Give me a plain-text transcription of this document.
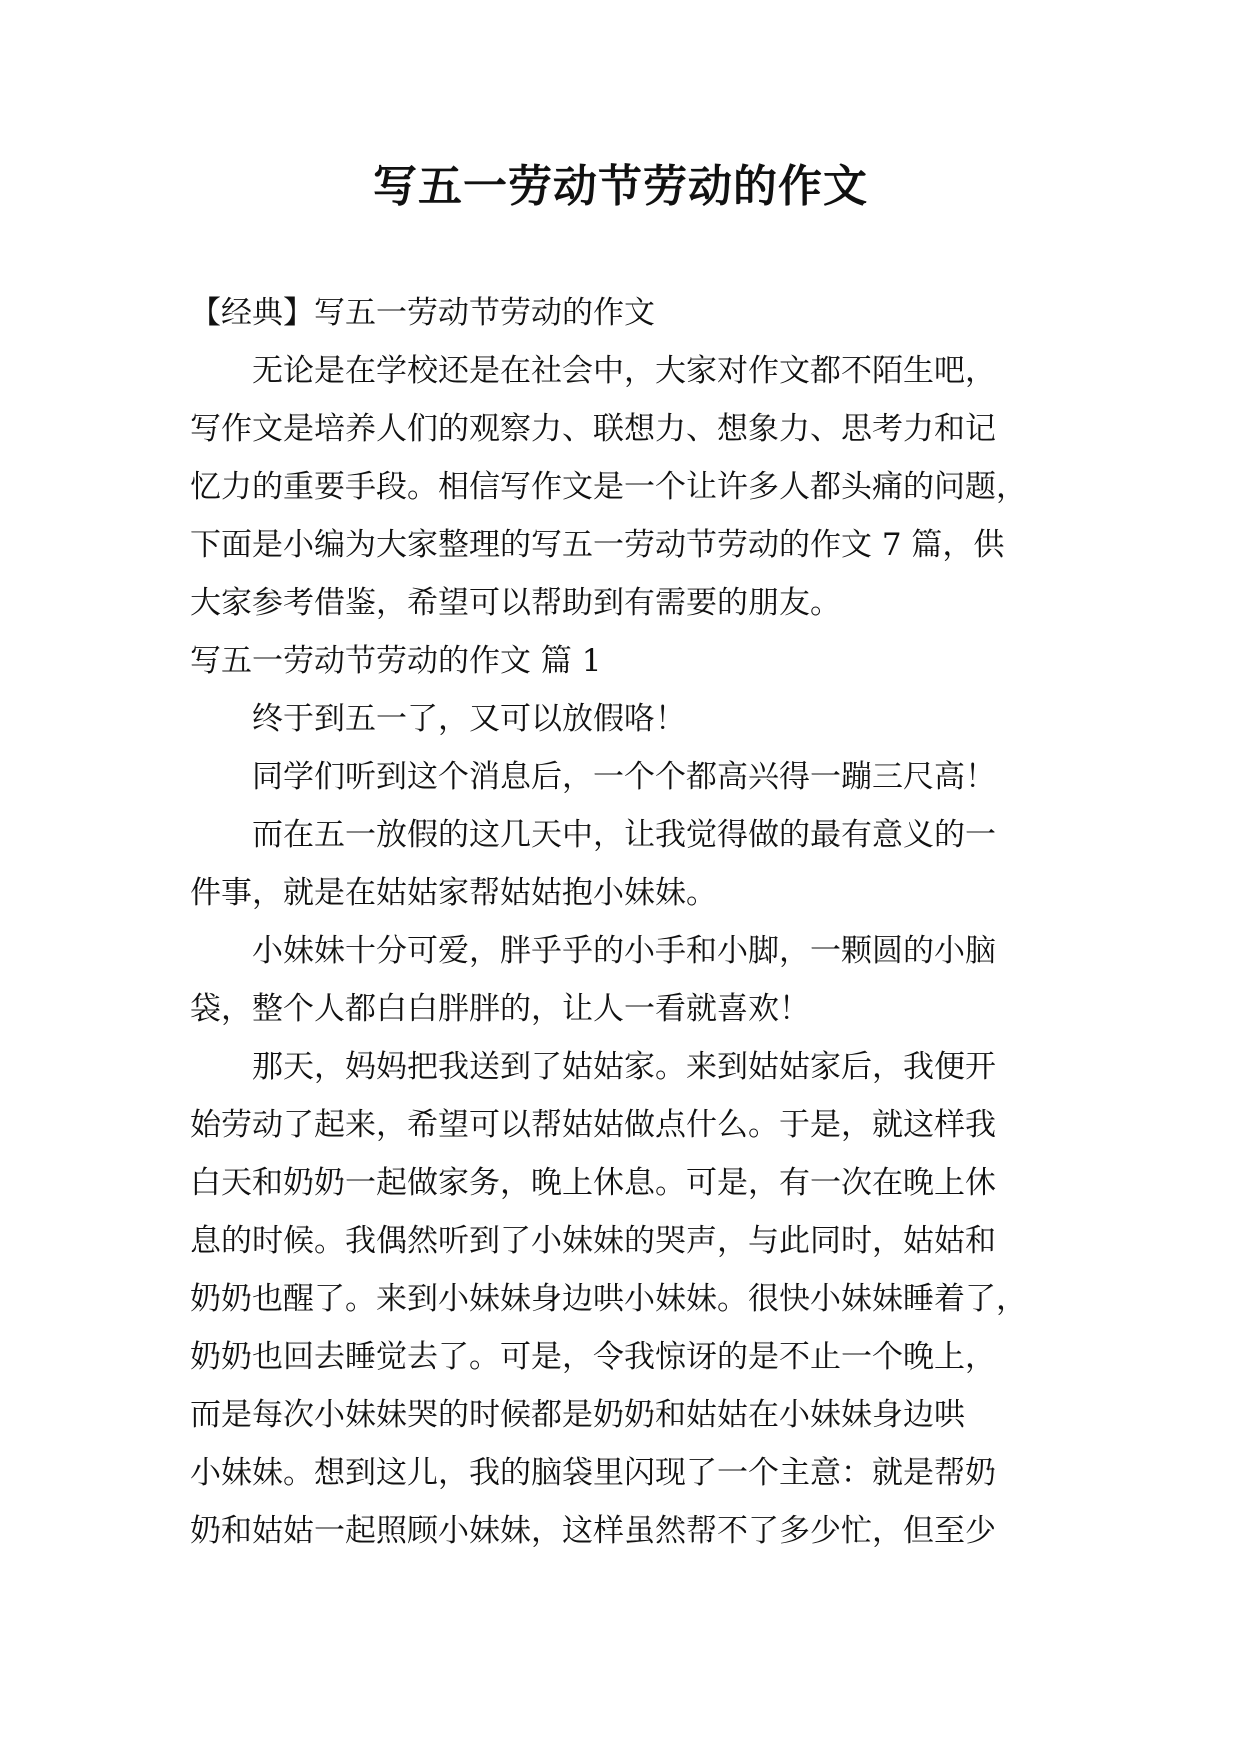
写五一劳动节劳动的作文
【经典】写五一劳动节劳动的作文
　　无论是在学校还是在社会中，大家对作文都不陌生吧，
写作文是培养人们的观察力、联想力、想象力、思考力和记
忆力的重要手段。相信写作文是一个让许多人都头痛的问题，
下面是小编为大家整理的写五一劳动节劳动的作文 7 篇，供
大家参考借鉴，希望可以帮助到有需要的朋友。
写五一劳动节劳动的作文 篇 1
　　终于到五一了，又可以放假咯！
　　同学们听到这个消息后，一个个都高兴得一蹦三尺高！
　　而在五一放假的这几天中，让我觉得做的最有意义的一
件事，就是在姑姑家帮姑姑抱小妹妹。
　　小妹妹十分可爱，胖乎乎的小手和小脚，一颗圆的小脑
袋，整个人都白白胖胖的，让人一看就喜欢！
　　那天，妈妈把我送到了姑姑家。来到姑姑家后，我便开
始劳动了起来，希望可以帮姑姑做点什么。于是，就这样我
白天和奶奶一起做家务，晚上休息。可是，有一次在晚上休
息的时候。我偶然听到了小妹妹的哭声，与此同时，姑姑和
奶奶也醒了。来到小妹妹身边哄小妹妹。很快小妹妹睡着了，
奶奶也回去睡觉去了。可是，令我惊讶的是不止一个晚上，
而是每次小妹妹哭的时候都是奶奶和姑姑在小妹妹身边哄
小妹妹。想到这儿，我的脑袋里闪现了一个主意：就是帮奶
奶和姑姑一起照顾小妹妹，这样虽然帮不了多少忙，但至少
